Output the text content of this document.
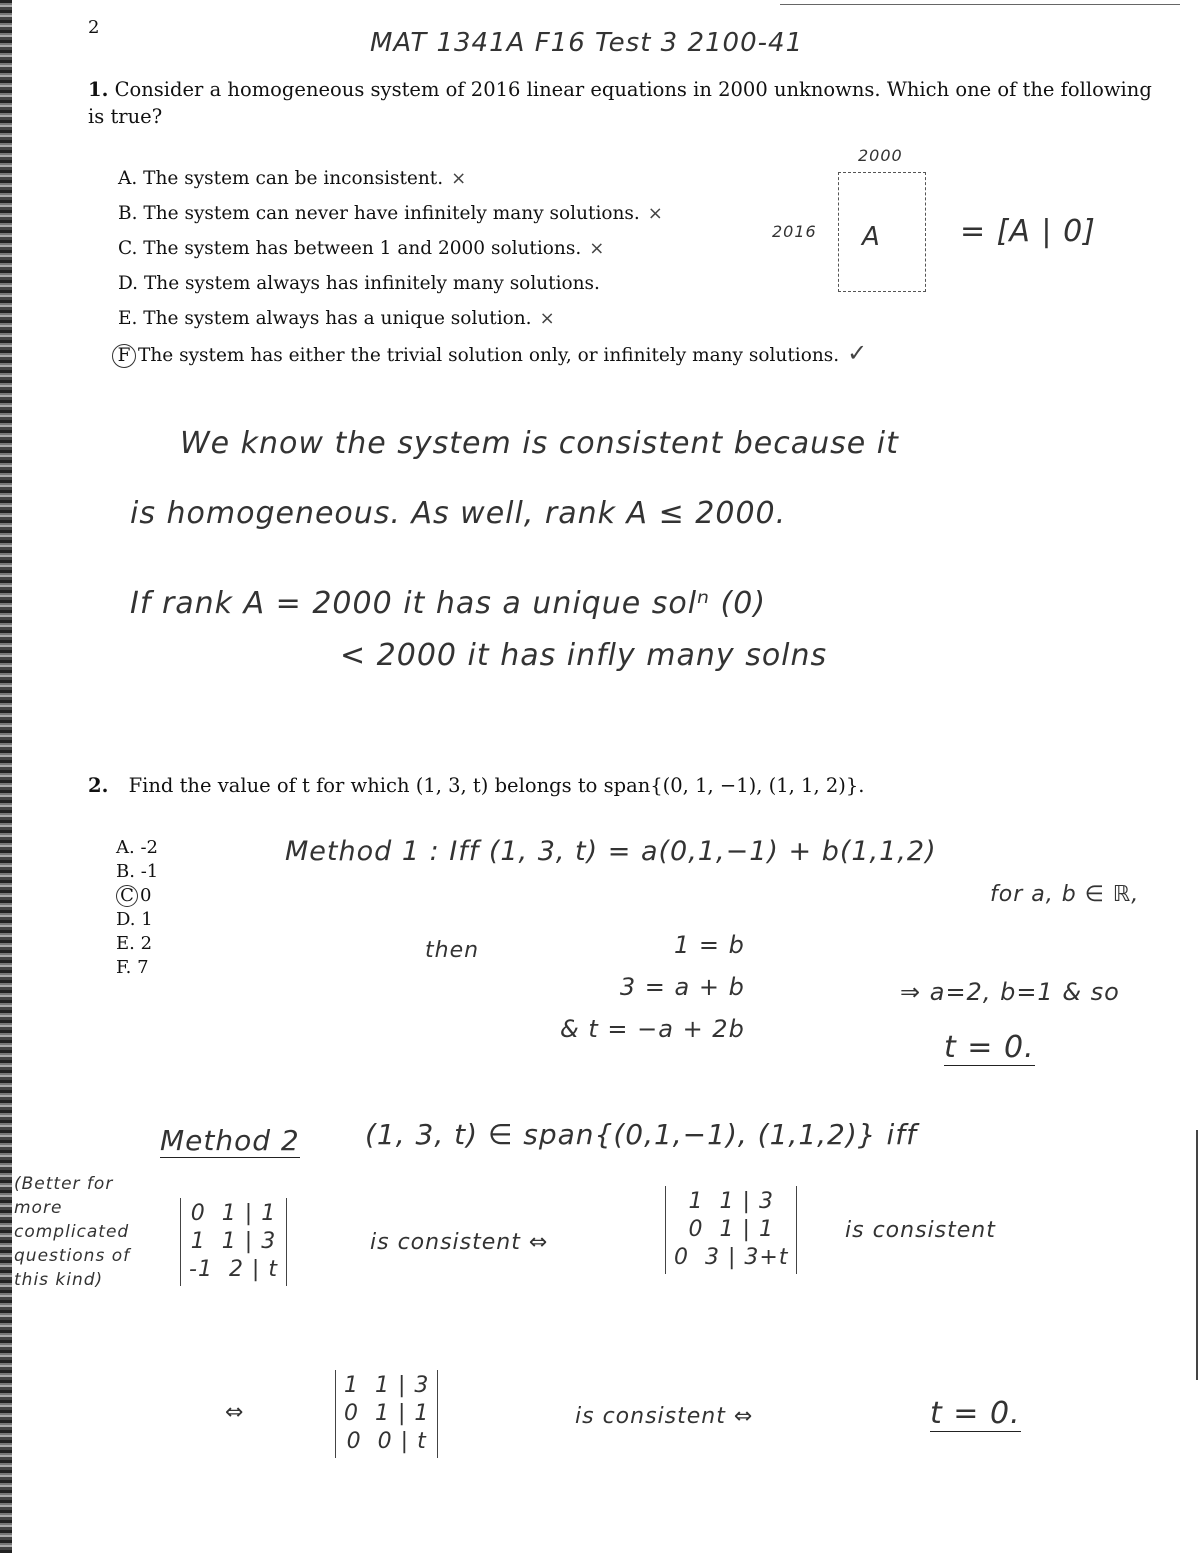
2
MAT 1341A F16 Test 3 2100-41
1. Consider a homogeneous system of 2016 linear equations in 2000 unknowns. Which one of the following is true?
A. The system can be inconsistent. ×
B. The system can never have infinitely many solutions. ×
C. The system has between 1 and 2000 solutions. ×
D. The system always has infinitely many solutions.
E. The system always has a unique solution. ×
F The system has either the trivial solution only, or infinitely many solutions. ✓
2000
2016 A	= [A | 0]
We know the system is consistent because it
is homogeneous. As well, rank A ≤ 2000.
If rank A = 2000 it has a unique solⁿ (0)
< 2000 it has infly many solns
2. Find the value of t for which (1, 3, t) belongs to span{(0, 1, −1), (1, 1, 2)}.
A. -2
B. -1
C 0
D. 1
E. 2
F. 7
Method 1 : Iff (1, 3, t) = a(0,1,−1) + b(1,1,2)
for a, b ∈ ℝ,
then	1 = b
3 = a + b
& t = −a + 2b
⇒ a=2, b=1 & so
t = 0.
Method 2 (1, 3, t) ∈ span{(0,1,−1), (1,1,2)} iff
(Better for
more
complicated
questions of
this kind)
0 1 | 1
1 1 | 3
-1 2 | t
is consistent ⇔
1 1 | 3
0 1 | 1
0 3 | 3+t
is consistent
⇔
1 1 | 3
0 1 | 1
0 0 | t
is consistent ⇔	t = 0.
